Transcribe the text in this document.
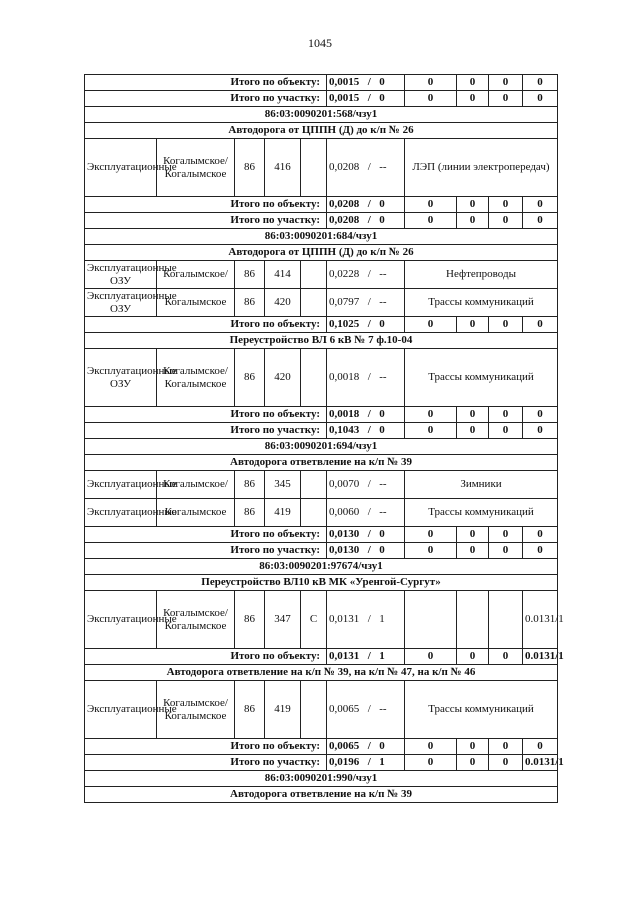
1045
Итого по объекту:					0,0015 / 0	0	0	0	0
Итого по участку:					0,0015 / 0	0	0	0	0
86:03:0090201:568/чзу1									
Автодорога от ЦППН (Д) до к/п № 26									
Эксплуатационные	Когалымское/Когалымское	86	416		0,0208 / --	ЛЭП (линии электропередач)			
Итого по объекту:					0,0208 / 0	0	0	0	0
Итого по участку:					0,0208 / 0	0	0	0	0
86:03:0090201:684/чзу1									
Автодорога от ЦППН (Д) до к/п № 26									
Эксплуатационные ОЗУ	Когалымское/	86	414		0,0228 / --	Нефтепроводы			
Эксплуатационные ОЗУ	Когалымское	86	420		0,0797 / --	Трассы коммуникаций			
Итого по объекту:					0,1025 / 0	0	0	0	0
Переустройство ВЛ 6 кВ № 7 ф.10-04									
Эксплуатационные ОЗУ	Когалымское/Когалымское	86	420		0,0018 / --	Трассы коммуникаций			
Итого по объекту:					0,0018 / 0	0	0	0	0
Итого по участку:					0,1043 / 0	0	0	0	0
86:03:0090201:694/чзу1									
Автодорога ответвление на к/п № 39									
Эксплуатационные	Когалымское/	86	345		0,0070 / --	Зимники			
Эксплуатационные	Когалымское	86	419		0,0060 / --	Трассы коммуникаций			
Итого по объекту:					0,0130 / 0	0	0	0	0
Итого по участку:					0,0130 / 0	0	0	0	0
86:03:0090201:97674/чзу1									
Переустройство ВЛ10 кВ МК «Уренгой-Сургут»									
Эксплуатационные	Когалымское/Когалымское	86	347	С	0,0131 / 1				0.0131/1
Итого по объекту:					0,0131 / 1	0	0	0	0.0131/1
Автодорога ответвление на к/п № 39, на к/п № 47, на к/п № 46									
Эксплуатационные	Когалымское/Когалымское	86	419		0,0065 / --	Трассы коммуникаций			
Итого по объекту:					0,0065 / 0	0	0	0	0
Итого по участку:					0,0196 / 1	0	0	0	0.0131/1
86:03:0090201:990/чзу1									
Автодорога ответвление на к/п № 39									
